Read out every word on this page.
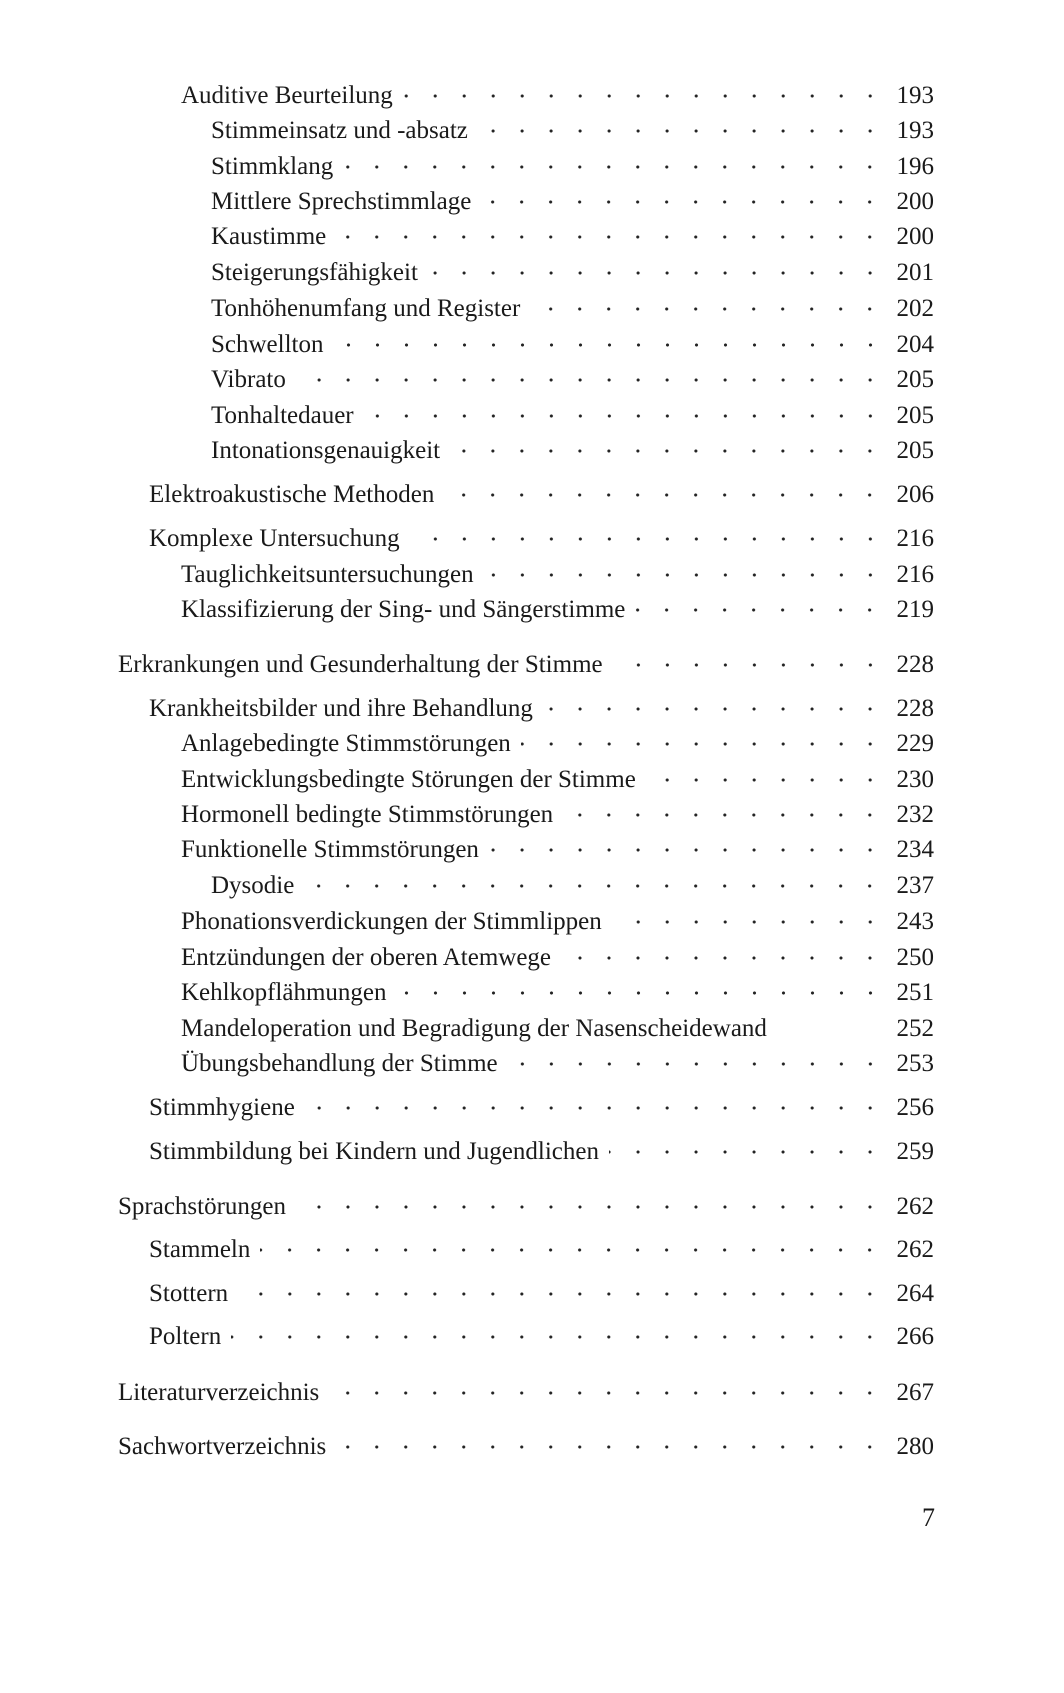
Auditive Beurteilung	193
Stimmeinsatz und -absatz	193
Stimmklang	196
Mittlere Sprechstimmlage	200
Kaustimme	200
Steigerungsfähigkeit	201
Tonhöhenumfang und Register	202
Schwellton	204
Vibrato	205
Tonhaltedauer	205
Intonationsgenauigkeit	205
Elektroakustische Methoden	206
Komplexe Untersuchung	216
Tauglichkeitsuntersuchungen	216
Klassifizierung der Sing- und Sängerstimme	219
Erkrankungen und Gesunderhaltung der Stimme	228
Krankheitsbilder und ihre Behandlung	228
Anlagebedingte Stimmstörungen	229
Entwicklungsbedingte Störungen der Stimme	230
Hormonell bedingte Stimmstörungen	232
Funktionelle Stimmstörungen	234
Dysodie	237
Phonationsverdickungen der Stimmlippen	243
Entzündungen der oberen Atemwege	250
Kehlkopflähmungen	251
Mandeloperation und Begradigung der Nasenscheidewand	252
Übungsbehandlung der Stimme	253
Stimmhygiene	256
Stimmbildung bei Kindern und Jugendlichen	259
Sprachstörungen	262
Stammeln	262
Stottern	264
Poltern	266
Literaturverzeichnis	267
Sachwortverzeichnis	280
7
